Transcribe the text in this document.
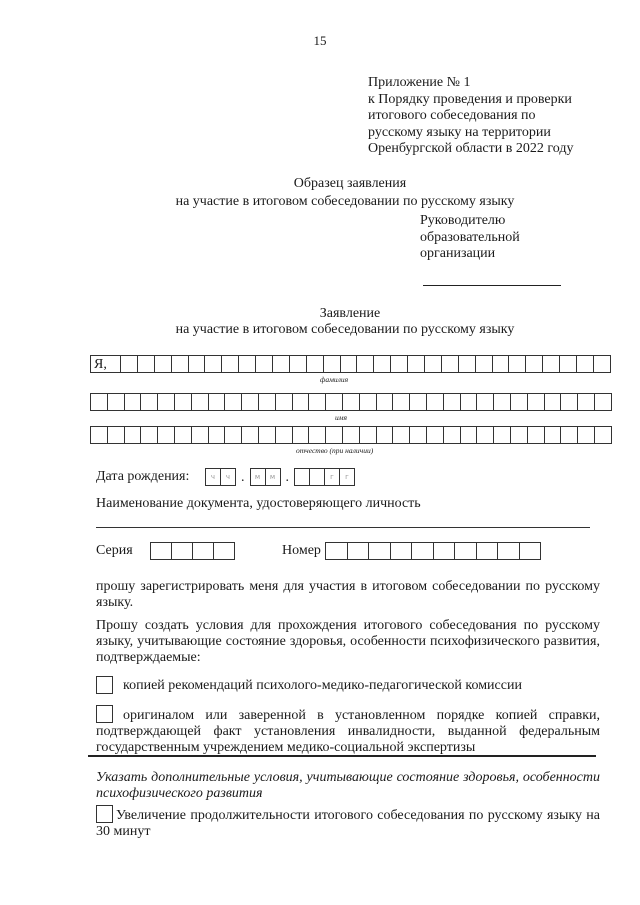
15
Приложение № 1
к Порядку проведения и проверки
итогового собеседования по
русскому языку на территории
Оренбургской области в 2022 году
Образец заявления
на участие в итоговом собеседовании по русскому языку
Руководителю
образовательной
организации
Заявление
на участие в итоговом собеседовании по русскому языку
Я,
фамилия
имя
отчество (при наличии)
Дата рождения:	ч	ч .	м	м .	г	г
Наименование документа, удостоверяющего личность
Серия	Номер
прошу зарегистрировать меня для участия в итоговом собеседовании по русскому языку.
Прошу создать условия для прохождения итогового собеседования по русскому языку, учитывающие состояние здоровья, особенности психофизического развития, подтверждаемые:
копией рекомендаций психолого-медико-педагогической комиссии
оригиналом или заверенной в установленном порядке копией справки, подтверждающей факт установления инвалидности, выданной федеральным государственным учреждением медико-социальной экспертизы
Указать дополнительные условия, учитывающие состояние здоровья, особенности психофизического развития
Увеличение продолжительности итогового собеседования по русскому языку на 30 минут
